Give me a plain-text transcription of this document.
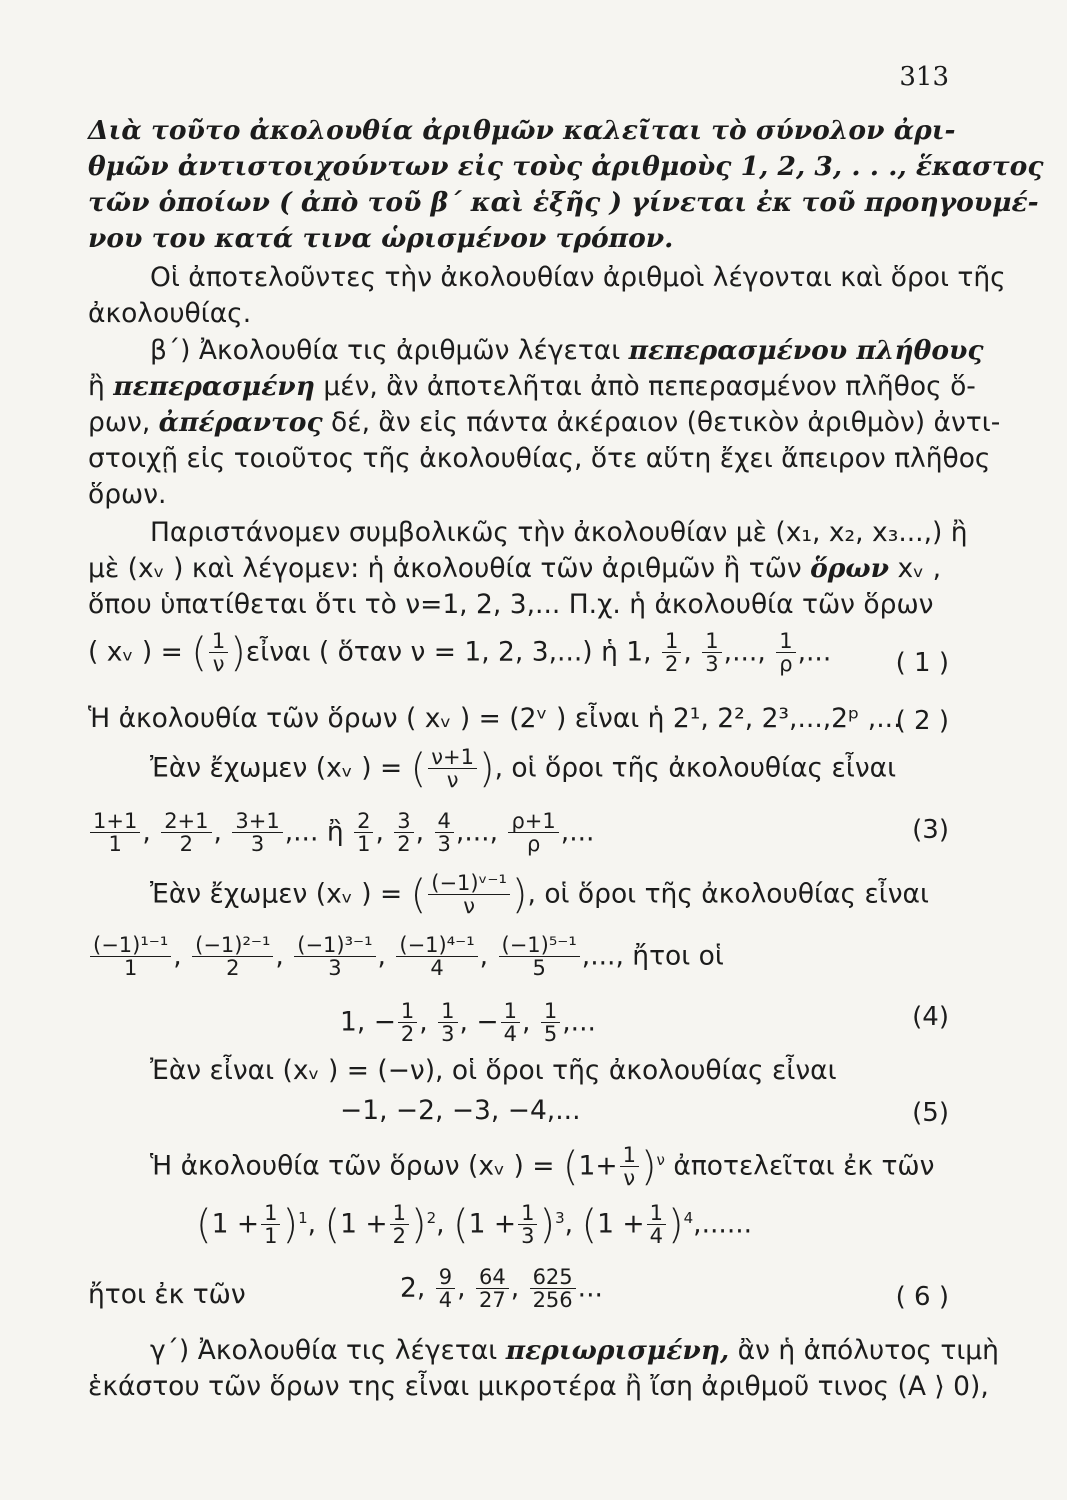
313
Διὰ τοῦτο ἀκολουθία ἀριθμῶν καλεῖται τὸ σύνολον ἀρι-
θμῶν ἀντιστοιχούντων εἰς τοὺς ἀριθμοὺς 1, 2, 3, . . ., ἕκαστος
τῶν ὁποίων ( ἀπὸ τοῦ β΄ καὶ ἑξῆς ) γίνεται ἐκ τοῦ προηγουμέ-
νου του κατά τινα ὡρισμένον τρόπον.
Οἱ ἀποτελοῦντες τὴν ἀκολουθίαν ἀριθμοὶ λέγονται καὶ ὅροι τῆς
ἀκολουθίας.
β΄) Ἀκολουθία τις ἀριθμῶν λέγεται πεπερασμένου πλήθους
ἢ πεπερασμένη μέν, ἂν ἀποτελῆται ἀπὸ πεπερασμένον πλῆθος ὅ-
ρων, ἀπέραντος δέ, ἂν εἰς πάντα ἀκέραιον (θετικὸν ἀριθμὸν) ἀντι-
στοιχῇ εἰς τοιοῦτος τῆς ἀκολουθίας, ὅτε αὕτη ἔχει ἄπειρον πλῆθος
ὅρων.
Παριστάνομεν συμβολικῶς τὴν ἀκολουθίαν μὲ (x₁, x₂, x₃...,) ἢ
μὲ (xᵥ ) καὶ λέγομεν: ἡ ἀκολουθία τῶν ἀριθμῶν ἢ τῶν ὅρων xᵥ ,
ὅπου ὑπατίθεται ὅτι τὸ ν=1, 2, 3,... Π.χ. ἡ ἀκολουθία τῶν ὅρων
( xᵥ ) = ( $\frac{1}{\nu}$ )εἶναι ( ὅταν ν = 1, 2, 3,...) ἡ 1, $\frac{1}{2}$ , $\frac{1}{3}$ ,..., $\frac{1}{\rho}$ ,... ( 1 )
Ἡ ἀκολουθία τῶν ὅρων ( xᵥ ) = (2ᵛ ) εἶναι ἡ 2¹, 2², 2³,...,2ᵖ ,...
( 2 )
Ἐὰν ἔχωμεν (xᵥ ) = ( $\frac{\nu+1}{\nu}$ ), οἱ ὅροι τῆς ἀκολουθίας εἶναι
$\frac{1+1}{1}$ , $\frac{2+1}{2}$ , $\frac{3+1}{3}$ ,... ἢ $\frac{2}{1}$ , $\frac{3}{2}$ , $\frac{4}{3}$ ,..., $\frac{\rho+1}{\rho}$ ,...	(3)
Ἐὰν ἔχωμεν (xᵥ ) = ( $\frac{\text{(−1)ᵛ⁻¹}}{\nu}$ ), οἱ ὅροι τῆς ἀκολουθίας εἶναι
$\frac{\text{(−1)¹⁻¹}}{1}$ , $\frac{\text{(−1)²⁻¹}}{2}$ , $\frac{\text{(−1)³⁻¹}}{3}$ , $\frac{\text{(−1)⁴⁻¹}}{4}$ , $\frac{\text{(−1)⁵⁻¹}}{5}$ ,..., ἤτοι οἱ
1, − $\frac{1}{2}$ , $\frac{1}{3}$ , − $\frac{1}{4}$ , $\frac{1}{5}$ ,...	(4)
Ἐὰν εἶναι (xᵥ ) = (−ν), οἱ ὅροι τῆς ἀκολουθίας εἶναι
−1, −2, −3, −4,...	(5)
Ἡ ἀκολουθία τῶν ὅρων (xᵥ ) = $(1+ \frac{1}{\nu} )^\nu$ ἀποτελεῖται ἐκ τῶν
$(1 + \frac{1}{1} )^1$, $(1 + \frac{1}{2} )^2$, $(1 + \frac{1}{3} )^3$, $(1 + \frac{1}{4} )^4$,......
ἤτοι ἐκ τῶν	2, $\frac{9}{4}$ , $\frac{64}{27}$ , $\frac{625}{256}$ ...	( 6 )
γ΄) Ἀκολουθία τις λέγεται περιωρισμένη, ἂν ἡ ἀπόλυτος τιμὴ
ἑκάστου τῶν ὅρων της εἶναι μικροτέρα ἢ ἴση ἀριθμοῦ τινος (A ⟩ 0),
